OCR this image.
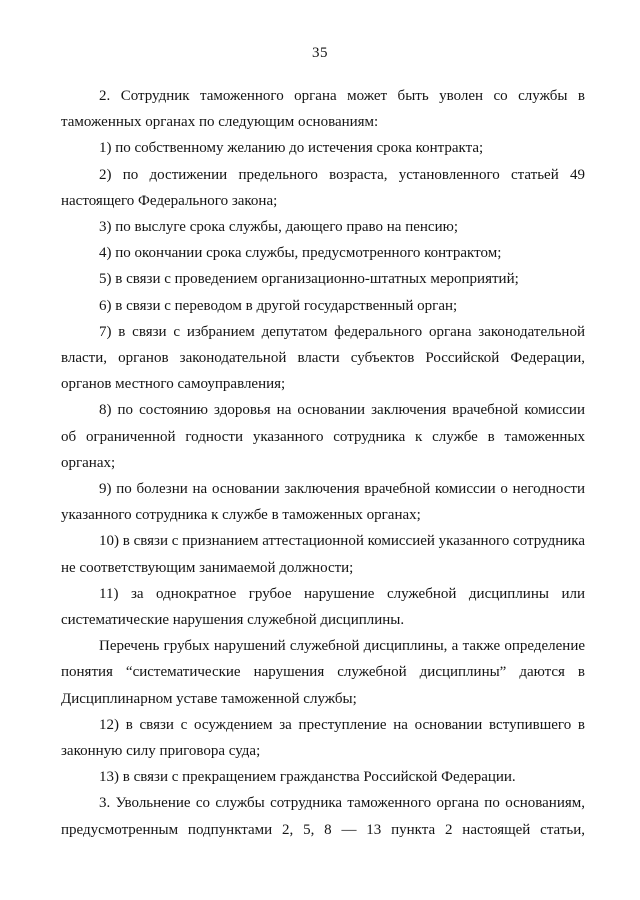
35

2. Сотрудник таможенного органа может быть уволен со службы в таможенных органах по следующим основаниям:

1) по собственному желанию до истечения срока контракта;

2) по достижении предельного возраста, установленного статьей 49 настоящего Федерального закона;

3) по выслуге срока службы, дающего право на пенсию;

4) по окончании срока службы, предусмотренного контрактом;

5) в связи с проведением организационно-штатных мероприятий;

6) в связи с переводом в другой государственный орган;

7) в связи с избранием депутатом федерального органа законодательной власти, органов законодательной власти субъектов Российской Федерации, органов местного самоуправления;

8) по состоянию здоровья на основании заключения врачебной комиссии об ограниченной годности указанного сотрудника к службе в таможенных органах;

9) по болезни на основании заключения врачебной комиссии о негодности указанного сотрудника к службе в таможенных органах;

10) в связи с признанием аттестационной комиссией указанного сотрудника не соответствующим занимаемой должности;

11) за однократное грубое нарушение служебной дисциплины или систематические нарушения служебной дисциплины.

Перечень грубых нарушений служебной дисциплины, а также определение понятия “систематические нарушения служебной дисциплины” даются в Дисциплинарном уставе таможенной службы;

12) в связи с осуждением за преступление на основании вступившего в законную силу приговора суда;

13) в связи с прекращением гражданства Российской Федерации.

3. Увольнение со службы сотрудника таможенного органа по основаниям, предусмотренным подпунктами 2, 5, 8 — 13 пункта 2 настоящей статьи,
